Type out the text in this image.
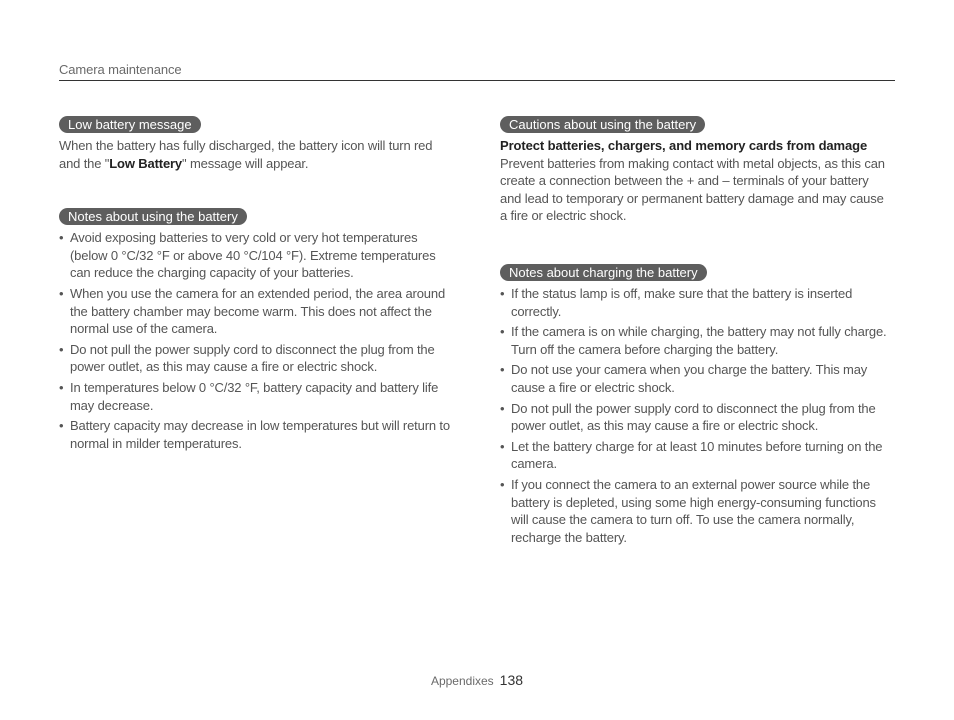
Camera maintenance
Low battery message

When the battery has fully discharged, the battery icon will turn red and the "Low Battery" message will appear.

Notes about using the battery
• Avoid exposing batteries to very cold or very hot temperatures (below 0 °C/32 °F or above 40 °C/104 °F). Extreme temperatures can reduce the charging capacity of your batteries.
• When you use the camera for an extended period, the area around the battery chamber may become warm. This does not affect the normal use of the camera.
• Do not pull the power supply cord to disconnect the plug from the power outlet, as this may cause a fire or electric shock.
• In temperatures below 0 °C/32 °F, battery capacity and battery life may decrease.
• Battery capacity may decrease in low temperatures but will return to normal in milder temperatures.
Cautions about using the battery
Protect batteries, chargers, and memory cards from damage

Prevent batteries from making contact with metal objects, as this can create a connection between the + and – terminals of your battery and lead to temporary or permanent battery damage and may cause a fire or electric shock.

Notes about charging the battery
• If the status lamp is off, make sure that the battery is inserted correctly.
• If the camera is on while charging, the battery may not fully charge. Turn off the camera before charging the battery.
• Do not use your camera when you charge the battery. This may cause a fire or electric shock.
• Do not pull the power supply cord to disconnect the plug from the power outlet, as this may cause a fire or electric shock.
• Let the battery charge for at least 10 minutes before turning on the camera.
• If you connect the camera to an external power source while the battery is depleted, using some high energy-consuming functions will cause the camera to turn off. To use the camera normally, recharge the battery.
Appendixes 138
